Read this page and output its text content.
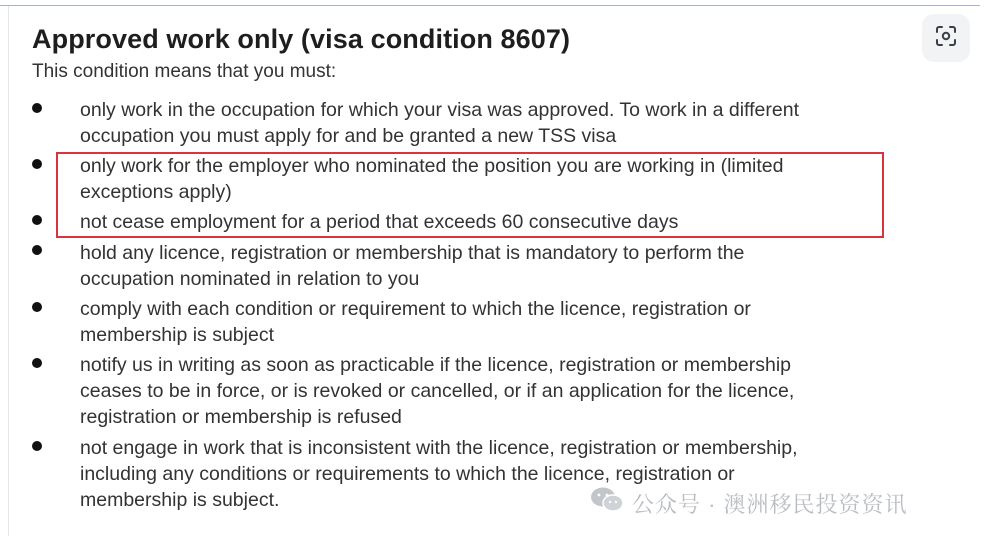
Approved work only (visa condition 8607)
This condition means that you must:
only work in the occupation for which your visa was approved. To work in a different
occupation you must apply for and be granted a new TSS visa
only work for the employer who nominated the position you are working in (limited
exceptions apply)
not cease employment for a period that exceeds 60 consecutive days
hold any licence, registration or membership that is mandatory to perform the
occupation nominated in relation to you
comply with each condition or requirement to which the licence, registration or
membership is subject
notify us in writing as soon as practicable if the licence, registration or membership
ceases to be in force, or is revoked or cancelled, or if an application for the licence,
registration or membership is refused
not engage in work that is inconsistent with the licence, registration or membership,
including any conditions or requirements to which the licence, registration or
membership is subject.	公众号 · 澳洲移民投资资讯
